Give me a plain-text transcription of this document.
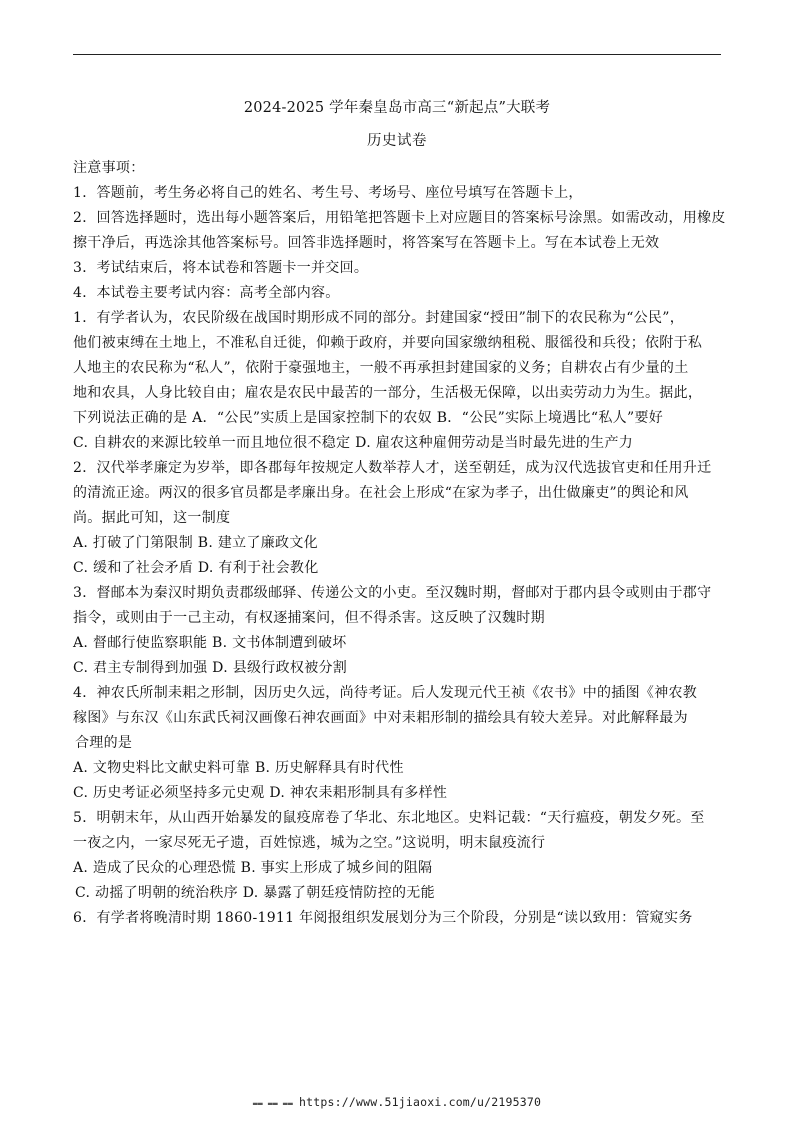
2024-2025 学年秦皇岛市高三“新起点”大联考
历史试卷
注意事项：
1．答题前，考生务必将自己的姓名、考生号、考场号、座位号填写在答题卡上，
2．回答选择题时，选出每小题答案后，用铅笔把答题卡上对应题目的答案标号涂黑。如需改动，用橡皮
擦干净后，再选涂其他答案标号。回答非选择题时，将答案写在答题卡上。写在本试卷上无效
3．考试结束后，将本试卷和答题卡一并交回。
4．本试卷主要考试内容：高考全部内容。
1．有学者认为，农民阶级在战国时期形成不同的部分。封建国家“授田”制下的农民称为“公民”，
他们被束缚在土地上，不准私自迁徙，仰赖于政府，并要向国家缴纳租税、服徭役和兵役；依附于私
人地主的农民称为“私人”，依附于豪强地主，一般不再承担封建国家的义务；自耕农占有少量的土
地和农具，人身比较自由；雇农是农民中最苦的一部分，生活极无保障，以出卖劳动力为生。据此，
下列说法正确的是 A．“公民”实质上是国家控制下的农奴 B．“公民”实际上境遇比“私人”要好
C. 自耕农的来源比较单一而且地位很不稳定 D. 雇农这种雇佣劳动是当时最先进的生产力
2．汉代举孝廉定为岁举，即各郡每年按规定人数举荐人才，送至朝廷，成为汉代选拔官吏和任用升迁
的清流正途。两汉的很多官员都是孝廉出身。在社会上形成“在家为孝子，出仕做廉吏”的舆论和风
尚。据此可知，这一制度
A. 打破了门第限制 B. 建立了廉政文化
C. 缓和了社会矛盾 D. 有利于社会教化
3．督邮本为秦汉时期负责郡级邮驿、传递公文的小吏。至汉魏时期，督邮对于郡内县令或则由于郡守
指令，或则由于一己主动，有权逐捕案问，但不得杀害。这反映了汉魏时期
A. 督邮行使监察职能 B. 文书体制遭到破坏
C. 君主专制得到加强 D. 县级行政权被分割
4．神农氏所制耒耜之形制，因历史久远，尚待考证。后人发现元代王祯《农书》中的插图《神农教
稼图》与东汉《山东武氏祠汉画像石神农画面》中对耒耜形制的描绘具有较大差异。对此解释最为
合理的是
A. 文物史料比文献史料可靠 B. 历史解释具有时代性
C. 历史考证必须坚持多元史观 D. 神农耒耜形制具有多样性
5．明朝末年，从山西开始暴发的鼠疫席卷了华北、东北地区。史料记载：“天行瘟疫，朝发夕死。至
一夜之内，一家尽死无孑遗，百姓惊逃，城为之空。”这说明，明末鼠疫流行
A. 造成了民众的心理恐慌 B. 事实上形成了城乡间的阻隔
C. 动摇了明朝的统治秩序 D. 暴露了朝廷疫情防控的无能
6．有学者将晚清时期 1860-1911 年阅报组织发展划分为三个阶段，分别是“读以致用：管窥实务
▬▬ ▬▬ ▬▬ https://www.51jiaoxi.com/u/2195370
